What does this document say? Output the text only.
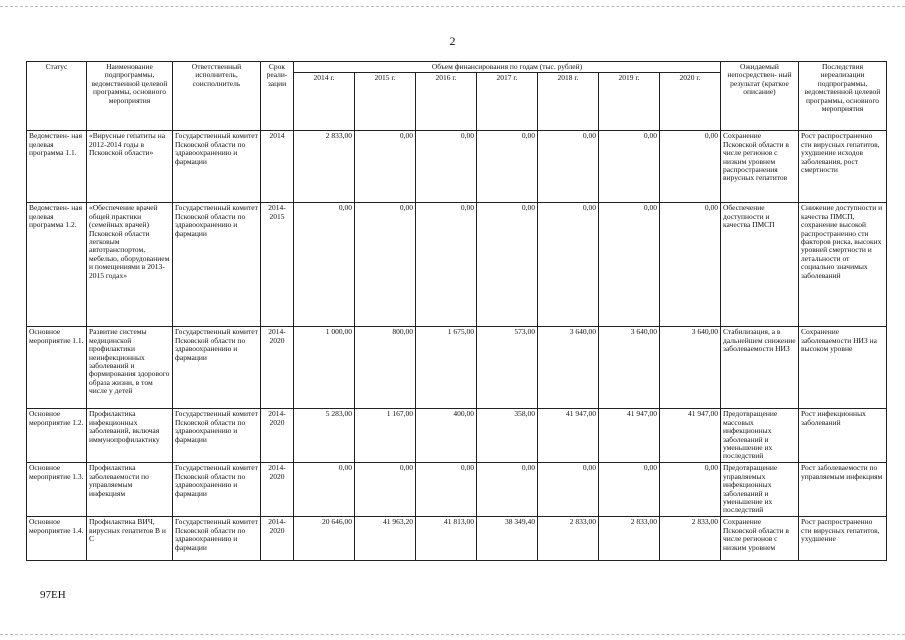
2
Статус	Наименование подпрограммы, ведомственной целевой программы, основного мероприятия	Ответственный исполнитель, соисполнитель	Срок реали- зации	Объем финансирования по годам (тыс. рублей)							Ожидаемый непосредствен- ный результат (краткое описание)	Последствия нереализации подпрограммы, ведомственной целевой программы, основного мероприятия
				2014 г.	2015 г.	2016 г.	2017 г.	2018 г.	2019 г.	2020 г.		
Ведомствен- ная целевая программа 1.1.	«Вирусные гепатиты на 2012-2014 годы в Псковской области»	Государственный комитет Псковской области по здравоохранению и фармации	2014	2 833,00	0,00	0,00	0,00	0,00	0,00	0,00	Сохранение Псковской области в числе регионов с низким уровнем распространения вирусных гепатитов	Рост распространенно сти вирусных гепатитов, ухудшение исходов заболевания, рост смертности
Ведомствен- ная целевая программа 1.2.	«Обеспечение врачей общей практики (семейных врачей) Псковской области легковым автотранспортом, мебелью, оборудованием и помещениями в 2013-2015 годах»	Государственный комитет Псковской области по здравоохранению и фармации	2014- 2015	0,00	0,00	0,00	0,00	0,00	0,00	0,00	Обеспечение доступности и качества ПМСП	Снижение доступности и качества ПМСП, сохранение высокой распространенно сти факторов риска, высоких уровней смертности и летальности от социально значимых заболеваний
Основное мероприятие 1.1.	Развитие системы медицинской профилактики неинфекционных заболеваний и формирования здорового образа жизни, в том числе у детей	Государственный комитет Псковской области по здравоохранению и фармации	2014- 2020	1 000,00	800,00	1 675,00	573,00	3 640,00	3 640,00	3 640,00	Стабилизация, а в дальнейшем снижение заболеваемости НИЗ	Сохранение заболеваемости НИЗ на высоком уровне
Основное мероприятие 1.2.	Профилактика инфекционных заболеваний, включая иммунопрофилактику	Государственный комитет Псковской области по здравоохранению и фармации	2014- 2020	5 283,00	1 167,00	400,00	358,00	41 947,00	41 947,00	41 947,00	Предотвращение массовых инфекционных заболеваний и уменьшение их последствий	Рост инфекционных заболеваний
Основное мероприятие 1.3.	Профилактика заболеваемости по управляемым инфекциям	Государственный комитет Псковской области по здравоохранению и фармации	2014- 2020	0,00	0,00	0,00	0,00	0,00	0,00	0,00	Предотвращение управляемых инфекционных заболеваний и уменьшение их последствий	Рост заболеваемости по управляемым инфекциям
Основное мероприятие 1.4.	Профилактика ВИЧ, вирусных гепатитов В и С	Государственный комитет Псковской области по здравоохранению и фармации	2014- 2020	20 646,00	41 963,20	41 813,00	38 349,40	2 833,00	2 833,00	2 833,00	Сохранение Псковской области в числе регионов с низким уровнем	Рост распространенно сти вирусных гепатитов, ухудшение
97EH
